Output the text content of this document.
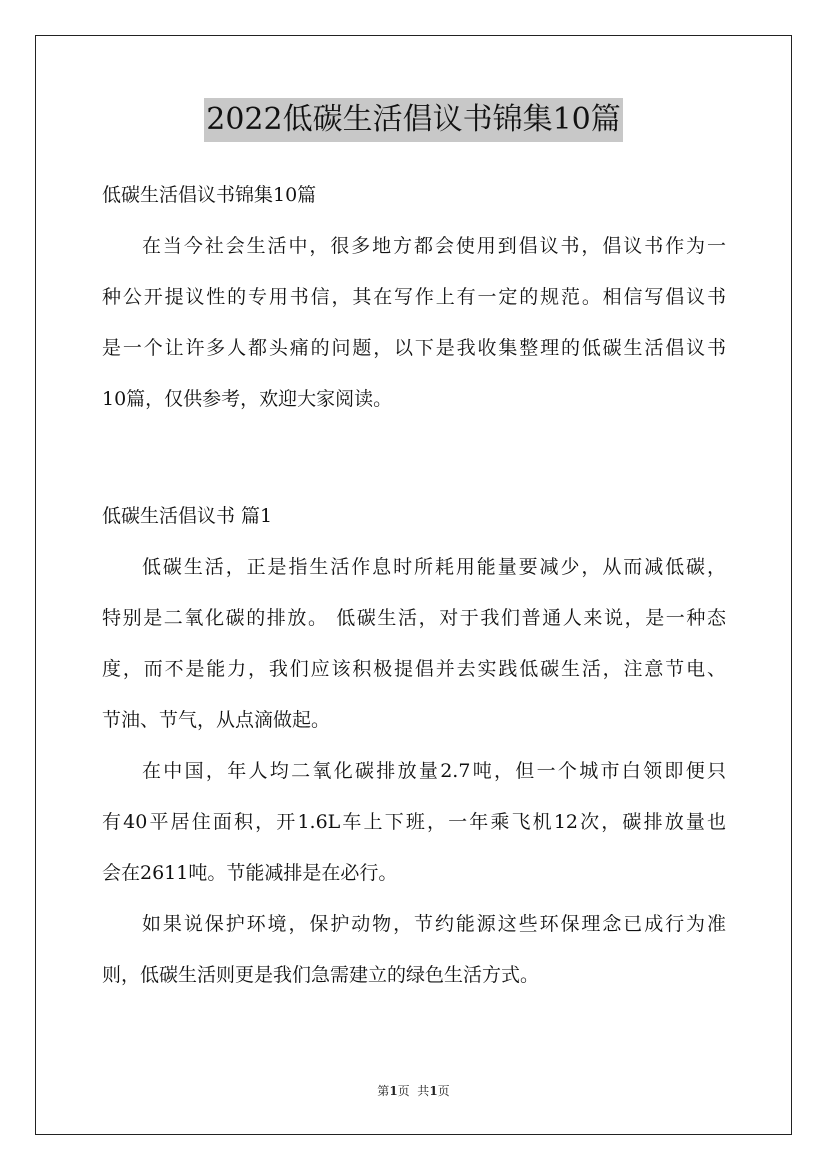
2022低碳生活倡议书锦集10篇
低碳生活倡议书锦集10篇
在当今社会生活中，很多地方都会使用到倡议书，倡议书作为一
种公开提议性的专用书信，其在写作上有一定的规范。相信写倡议书
是一个让许多人都头痛的问题，以下是我收集整理的低碳生活倡议书
10篇，仅供参考，欢迎大家阅读。
低碳生活倡议书 篇1
低碳生活，正是指生活作息时所耗用能量要减少，从而减低碳，
特别是二氧化碳的排放。 低碳生活，对于我们普通人来说，是一种态
度，而不是能力，我们应该积极提倡并去实践低碳生活，注意节电、
节油、节气，从点滴做起。
在中国，年人均二氧化碳排放量2.7吨，但一个城市白领即便只
有40平居住面积，开1.6L车上下班，一年乘飞机12次，碳排放量也
会在2611吨。节能减排是在必行。
如果说保护环境，保护动物，节约能源这些环保理念已成行为准
则，低碳生活则更是我们急需建立的绿色生活方式。
第1页  共1页
